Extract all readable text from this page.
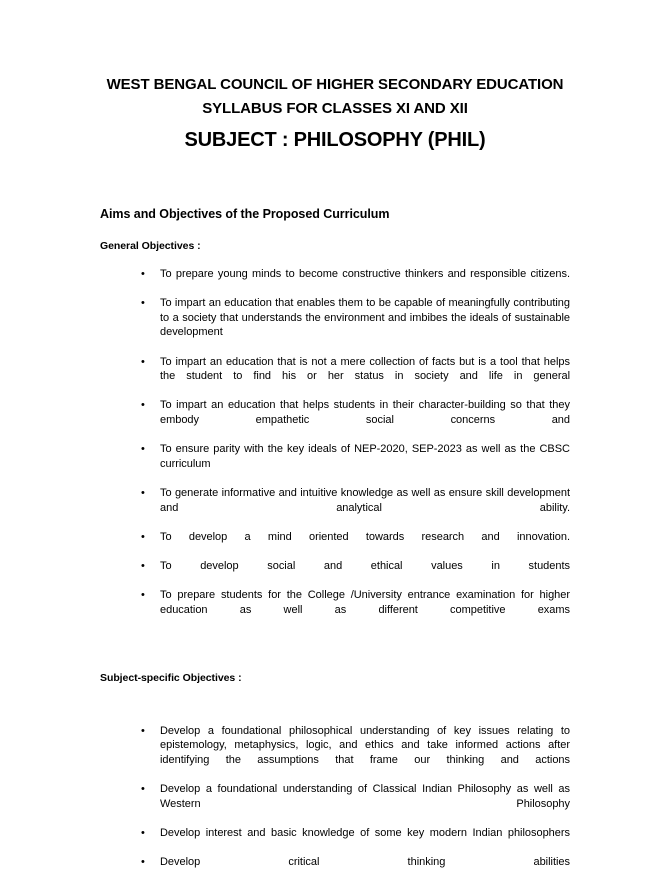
WEST BENGAL COUNCIL OF HIGHER SECONDARY EDUCATION
SYLLABUS FOR CLASSES XI AND XII
SUBJECT : PHILOSOPHY (PHIL)
Aims and Objectives of the Proposed Curriculum
General Objectives :
• To prepare young minds to become constructive thinkers and responsible citizens.
• To impart an education that enables them to be capable of meaningfully contributing to a society that understands the environment and imbibes the ideals of sustainable development
• To impart an education that is not a mere collection of facts but is a tool that helps the student to find his or her status in society and life in general
• To impart an education that helps students in their character-building so that they embody empathetic social concerns and
• To ensure parity with the key ideals of NEP-2020, SEP-2023 as well as the CBSC curriculum
• To generate informative and intuitive knowledge as well as ensure skill development and analytical ability.
• To develop a mind oriented towards research and innovation.
• To develop social and ethical values in students
• To prepare students for the College /University entrance examination for higher education as well as different competitive exams
Subject-specific Objectives :
• Develop a foundational philosophical understanding of key issues relating to epistemology, metaphysics, logic, and ethics and take informed actions after identifying the assumptions that frame our thinking and actions
• Develop a foundational understanding of Classical Indian Philosophy as well as Western Philosophy
• Develop interest and basic knowledge of some key modern Indian philosophers
• Develop critical thinking abilities
